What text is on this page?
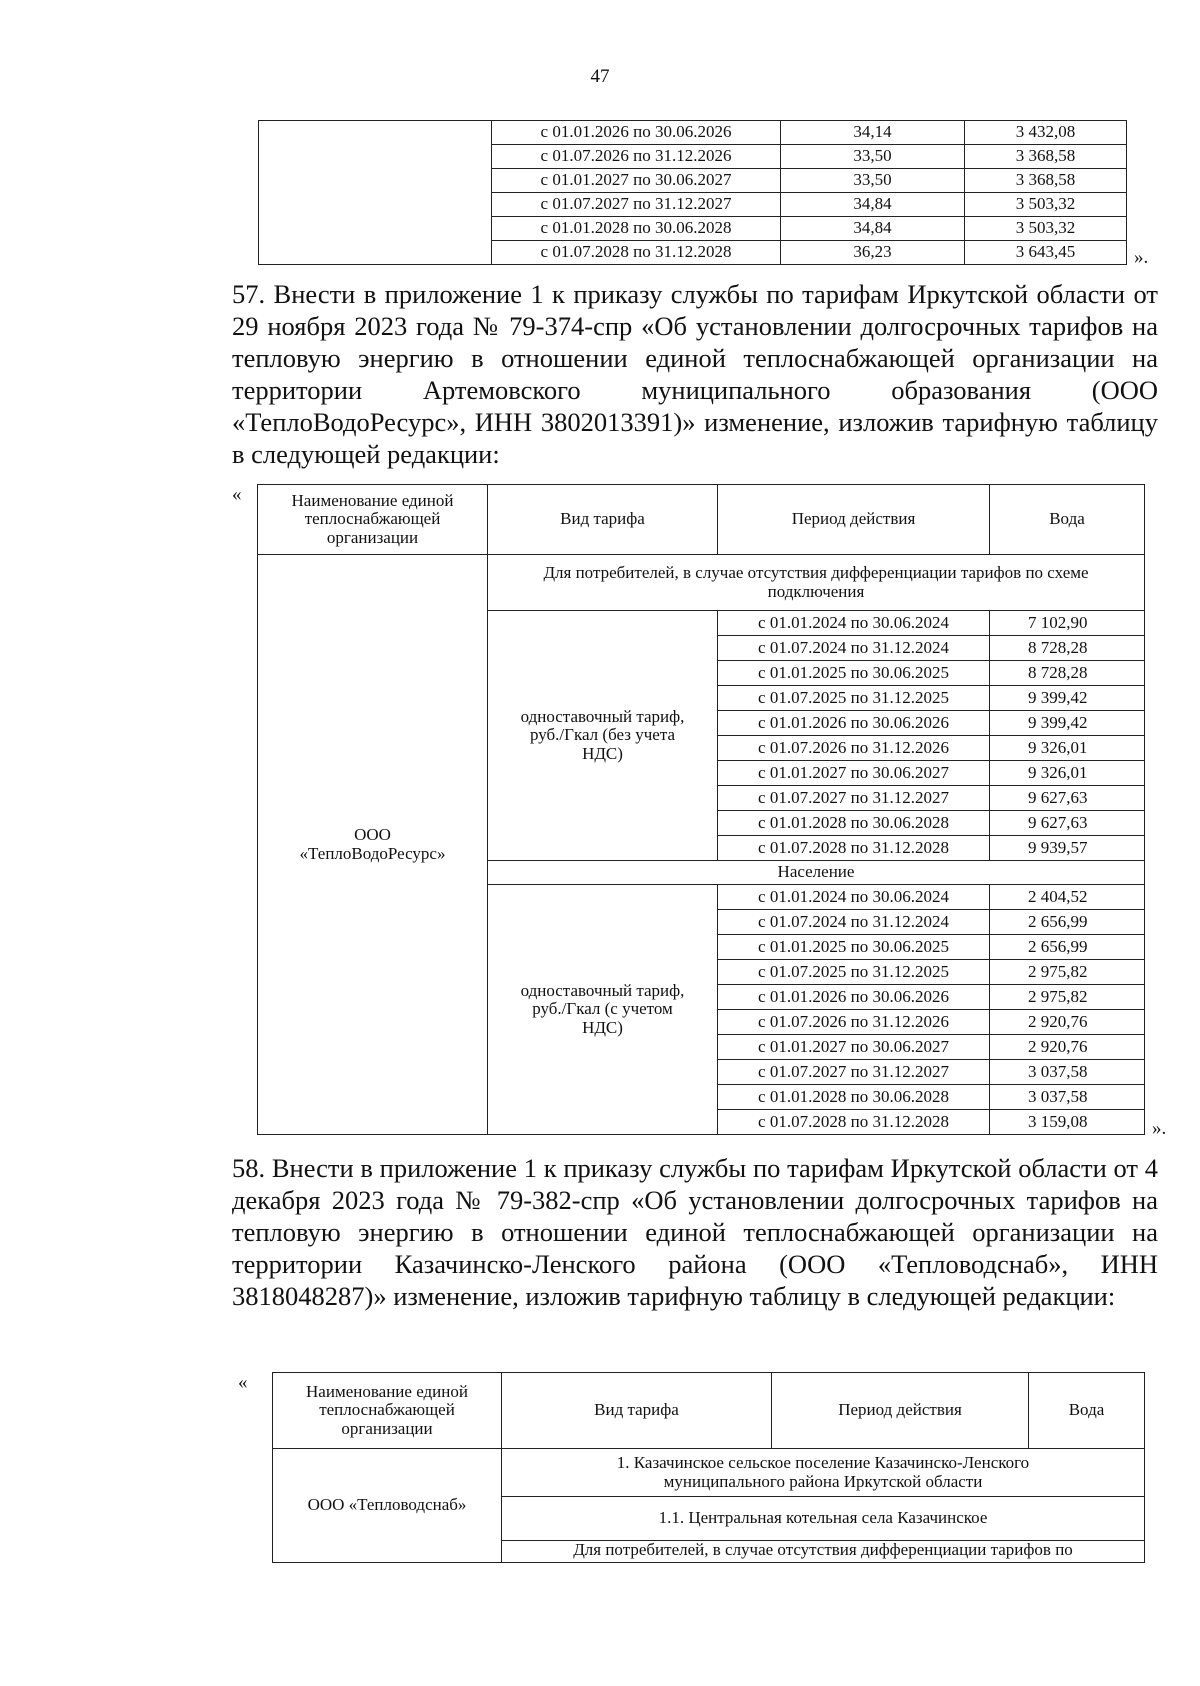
47
	с 01.01.2026 по 30.06.2026	34,14	3 432,08
	с 01.07.2026 по 31.12.2026	33,50	3 368,58
	с 01.01.2027 по 30.06.2027	33,50	3 368,58
	с 01.07.2027 по 31.12.2027	34,84	3 503,32
	с 01.01.2028 по 30.06.2028	34,84	3 503,32
	с 01.07.2028 по 31.12.2028	36,23	3 643,45	».
57. Внести в приложение 1 к приказу службы по тарифам Иркутской области от 29 ноября 2023 года № 79-374-спр «Об установлении долгосрочных тарифов на тепловую энергию в отношении единой теплоснабжающей организации на территории Артемовского муниципального образования (ООО «ТеплоВодоРесурс», ИНН 3802013391)» изменение, изложив тарифную таблицу в следующей редакции:
«	Наименование единой теплоснабжающей организации	Вид тарифа	Период действия	Вода
ООО «ТеплоВодоРесурс»	Для потребителей, в случае отсутствия дифференциации тарифов по схеме подключения		
	одноставочный тариф, руб./Гкал (без учета НДС)	с 01.01.2024 по 30.06.2024	7 102,90
		с 01.07.2024 по 31.12.2024	8 728,28
		с 01.01.2025 по 30.06.2025	8 728,28
		с 01.07.2025 по 31.12.2025	9 399,42
		с 01.01.2026 по 30.06.2026	9 399,42
		с 01.07.2026 по 31.12.2026	9 326,01
		с 01.01.2027 по 30.06.2027	9 326,01
		с 01.07.2027 по 31.12.2027	9 627,63
		с 01.01.2028 по 30.06.2028	9 627,63
		с 01.07.2028 по 31.12.2028	9 939,57
	Население		
	одноставочный тариф, руб./Гкал (с учетом НДС)	с 01.01.2024 по 30.06.2024	2 404,52
		с 01.07.2024 по 31.12.2024	2 656,99
		с 01.01.2025 по 30.06.2025	2 656,99
		с 01.07.2025 по 31.12.2025	2 975,82
		с 01.01.2026 по 30.06.2026	2 975,82
		с 01.07.2026 по 31.12.2026	2 920,76
		с 01.01.2027 по 30.06.2027	2 920,76
		с 01.07.2027 по 31.12.2027	3 037,58
		с 01.01.2028 по 30.06.2028	3 037,58
		с 01.07.2028 по 31.12.2028	3 159,08	».
58. Внести в приложение 1 к приказу службы по тарифам Иркутской области от 4 декабря 2023 года № 79-382-спр «Об установлении долгосрочных тарифов на тепловую энергию в отношении единой теплоснабжающей организации на территории Казачинско-Ленского района (ООО «Тепловодснаб», ИНН 3818048287)» изменение, изложив тарифную таблицу в следующей редакции:
«	Наименование единой теплоснабжающей организации	Вид тарифа	Период действия	Вода
ООО «Тепловодснаб»	1. Казачинское сельское поселение Казачинско-Ленского муниципального района Иркутской области		
	1.1. Центральная котельная села Казачинское		
	Для потребителей, в случае отсутствия дифференциации тарифов по		
